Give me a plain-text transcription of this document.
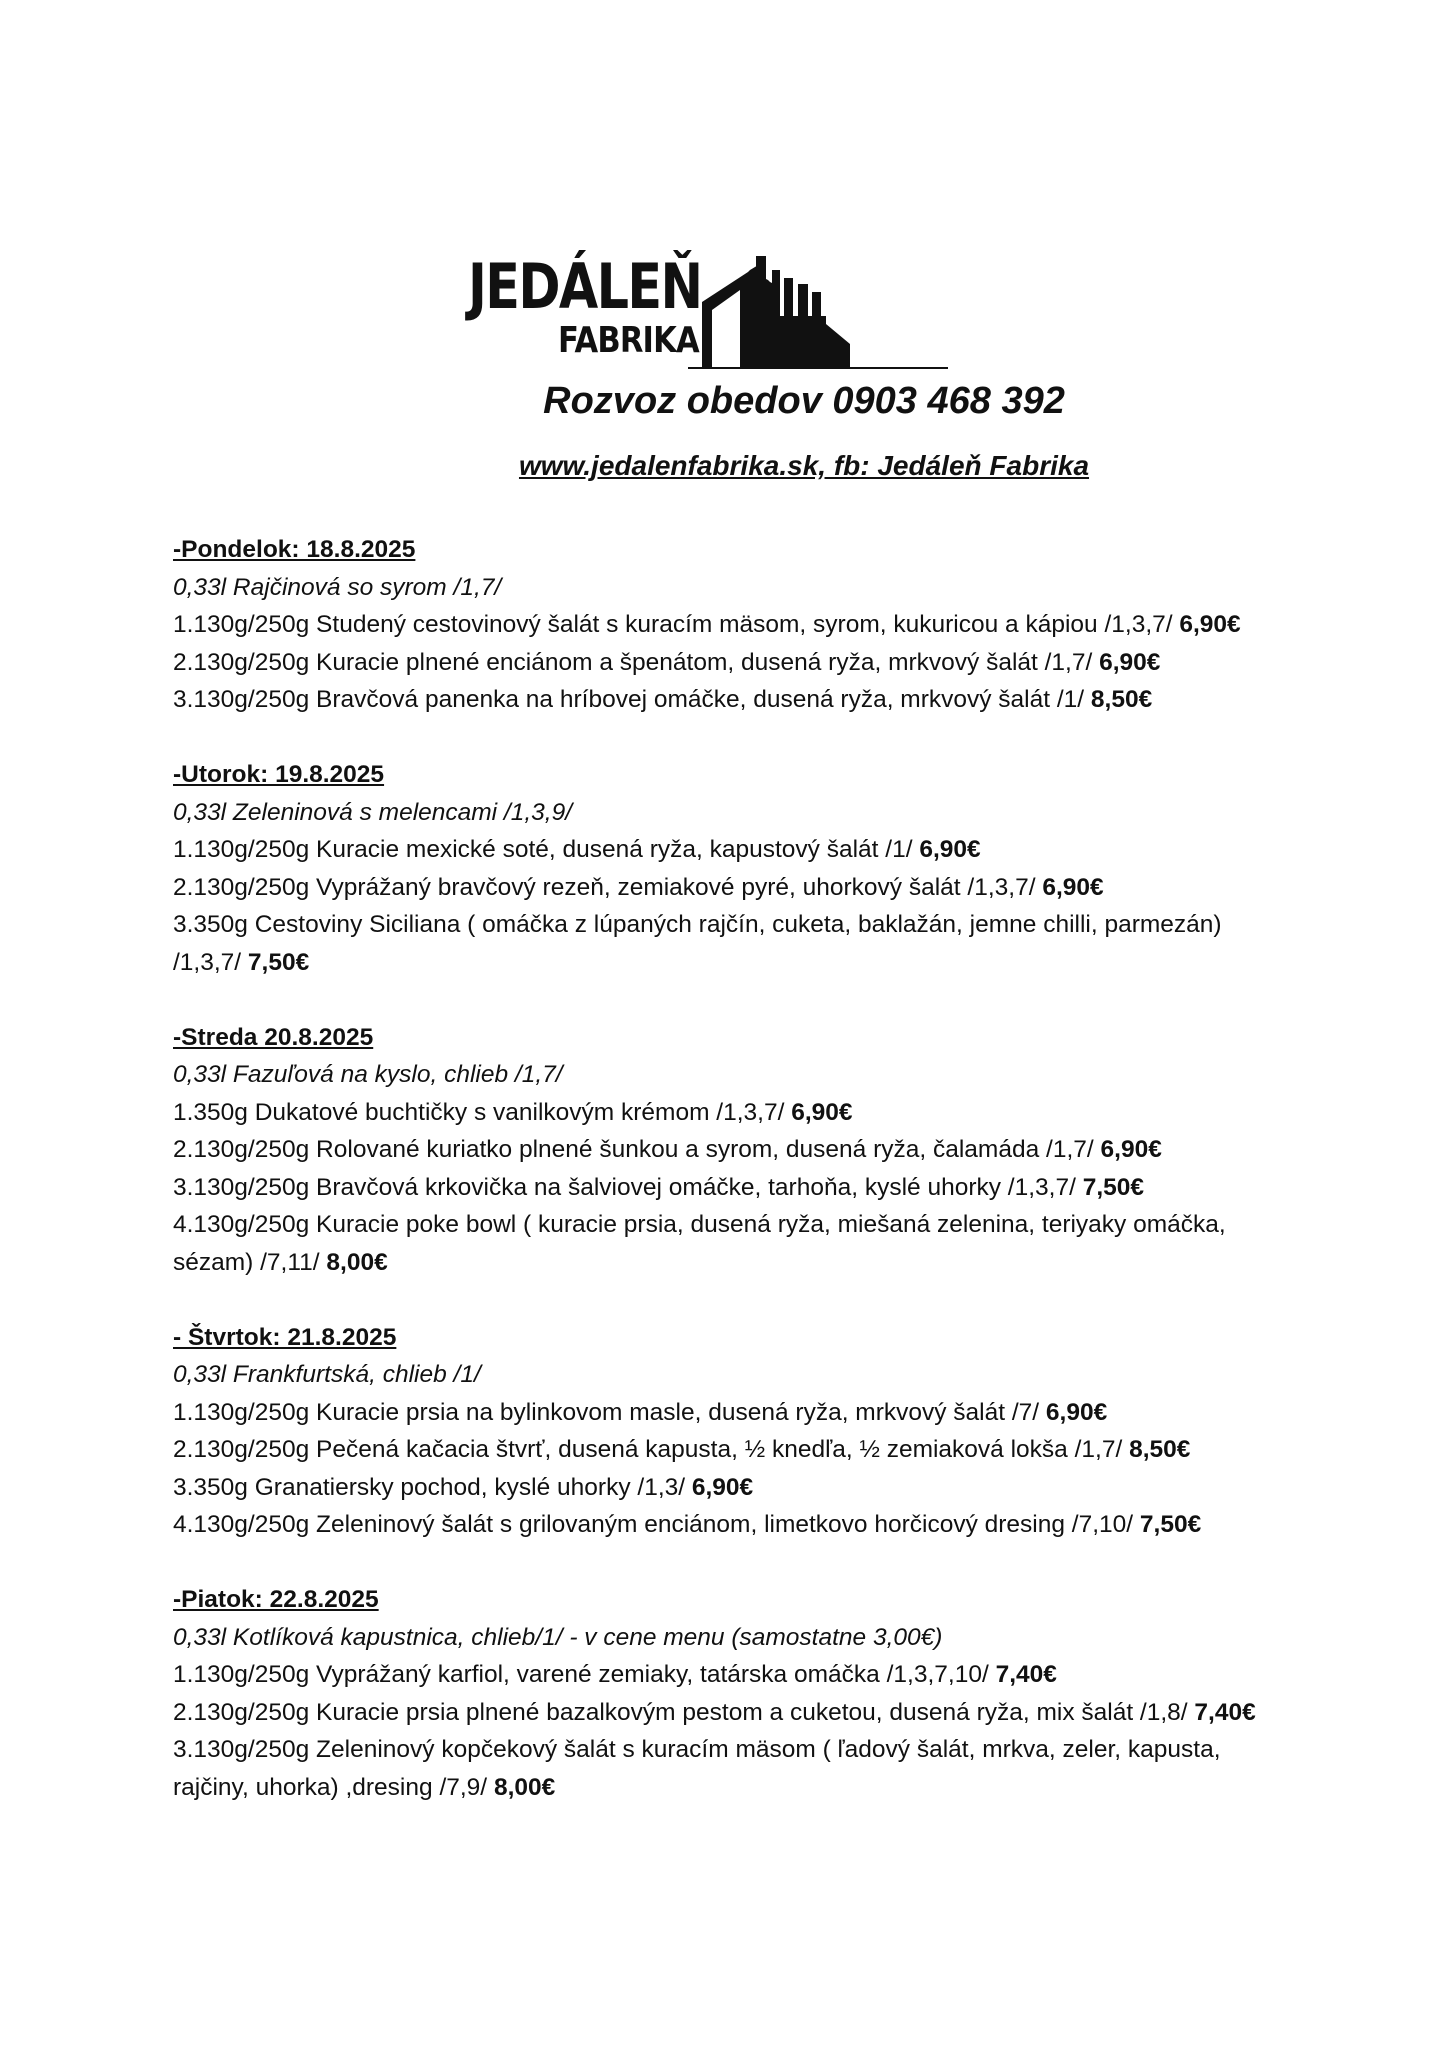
JEDÁLEŇ
FABRIKA
Rozvoz obedov 0903 468 392
www.jedalenfabrika.sk, fb: Jedáleň Fabrika
-Pondelok: 18.8.2025
0,33l Rajčinová so syrom /1,7/
1.130g/250g Studený cestovinový šalát s kuracím mäsom, syrom, kukuricou a kápiou /1,3,7/ 6,90€
2.130g/250g Kuracie plnené enciánom a špenátom, dusená ryža, mrkvový šalát /1,7/ 6,90€
3.130g/250g Bravčová panenka na hríbovej omáčke, dusená ryža, mrkvový šalát /1/ 8,50€
-Utorok: 19.8.2025
0,33l Zeleninová s melencami /1,3,9/
1.130g/250g Kuracie mexické soté, dusená ryža, kapustový šalát /1/ 6,90€
2.130g/250g Vyprážaný bravčový rezeň, zemiakové pyré, uhorkový šalát /1,3,7/ 6,90€
3.350g Cestoviny Siciliana ( omáčka z lúpaných rajčín, cuketa, baklažán, jemne chilli, parmezán) /1,3,7/ 7,50€
-Streda 20.8.2025
0,33l Fazuľová na kyslo, chlieb /1,7/
1.350g Dukatové buchtičky s vanilkovým krémom /1,3,7/ 6,90€
2.130g/250g Rolované kuriatko plnené šunkou a syrom, dusená ryža, čalamáda /1,7/ 6,90€
3.130g/250g Bravčová krkovička na šalviovej omáčke, tarhoňa, kyslé uhorky /1,3,7/ 7,50€
4.130g/250g Kuracie poke bowl ( kuracie prsia, dusená ryža, miešaná zelenina, teriyaky omáčka, sézam) /7,11/ 8,00€
- Štvrtok: 21.8.2025
0,33l Frankfurtská, chlieb /1/
1.130g/250g Kuracie prsia na bylinkovom masle, dusená ryža, mrkvový šalát /7/ 6,90€
2.130g/250g Pečená kačacia štvrť, dusená kapusta, ½ knedľa, ½ zemiaková lokša /1,7/ 8,50€
3.350g Granatiersky pochod, kyslé uhorky /1,3/ 6,90€
4.130g/250g Zeleninový šalát s grilovaným enciánom, limetkovo horčicový dresing /7,10/ 7,50€
-Piatok: 22.8.2025
0,33l Kotlíková kapustnica, chlieb/1/ - v cene menu (samostatne 3,00€)
1.130g/250g Vyprážaný karfiol, varené zemiaky, tatárska omáčka /1,3,7,10/ 7,40€
2.130g/250g Kuracie prsia plnené bazalkovým pestom a cuketou, dusená ryža, mix šalát /1,8/ 7,40€
3.130g/250g Zeleninový kopčekový šalát s kuracím mäsom ( ľadový šalát, mrkva, zeler, kapusta, rajčiny, uhorka) ,dresing /7,9/ 8,00€
